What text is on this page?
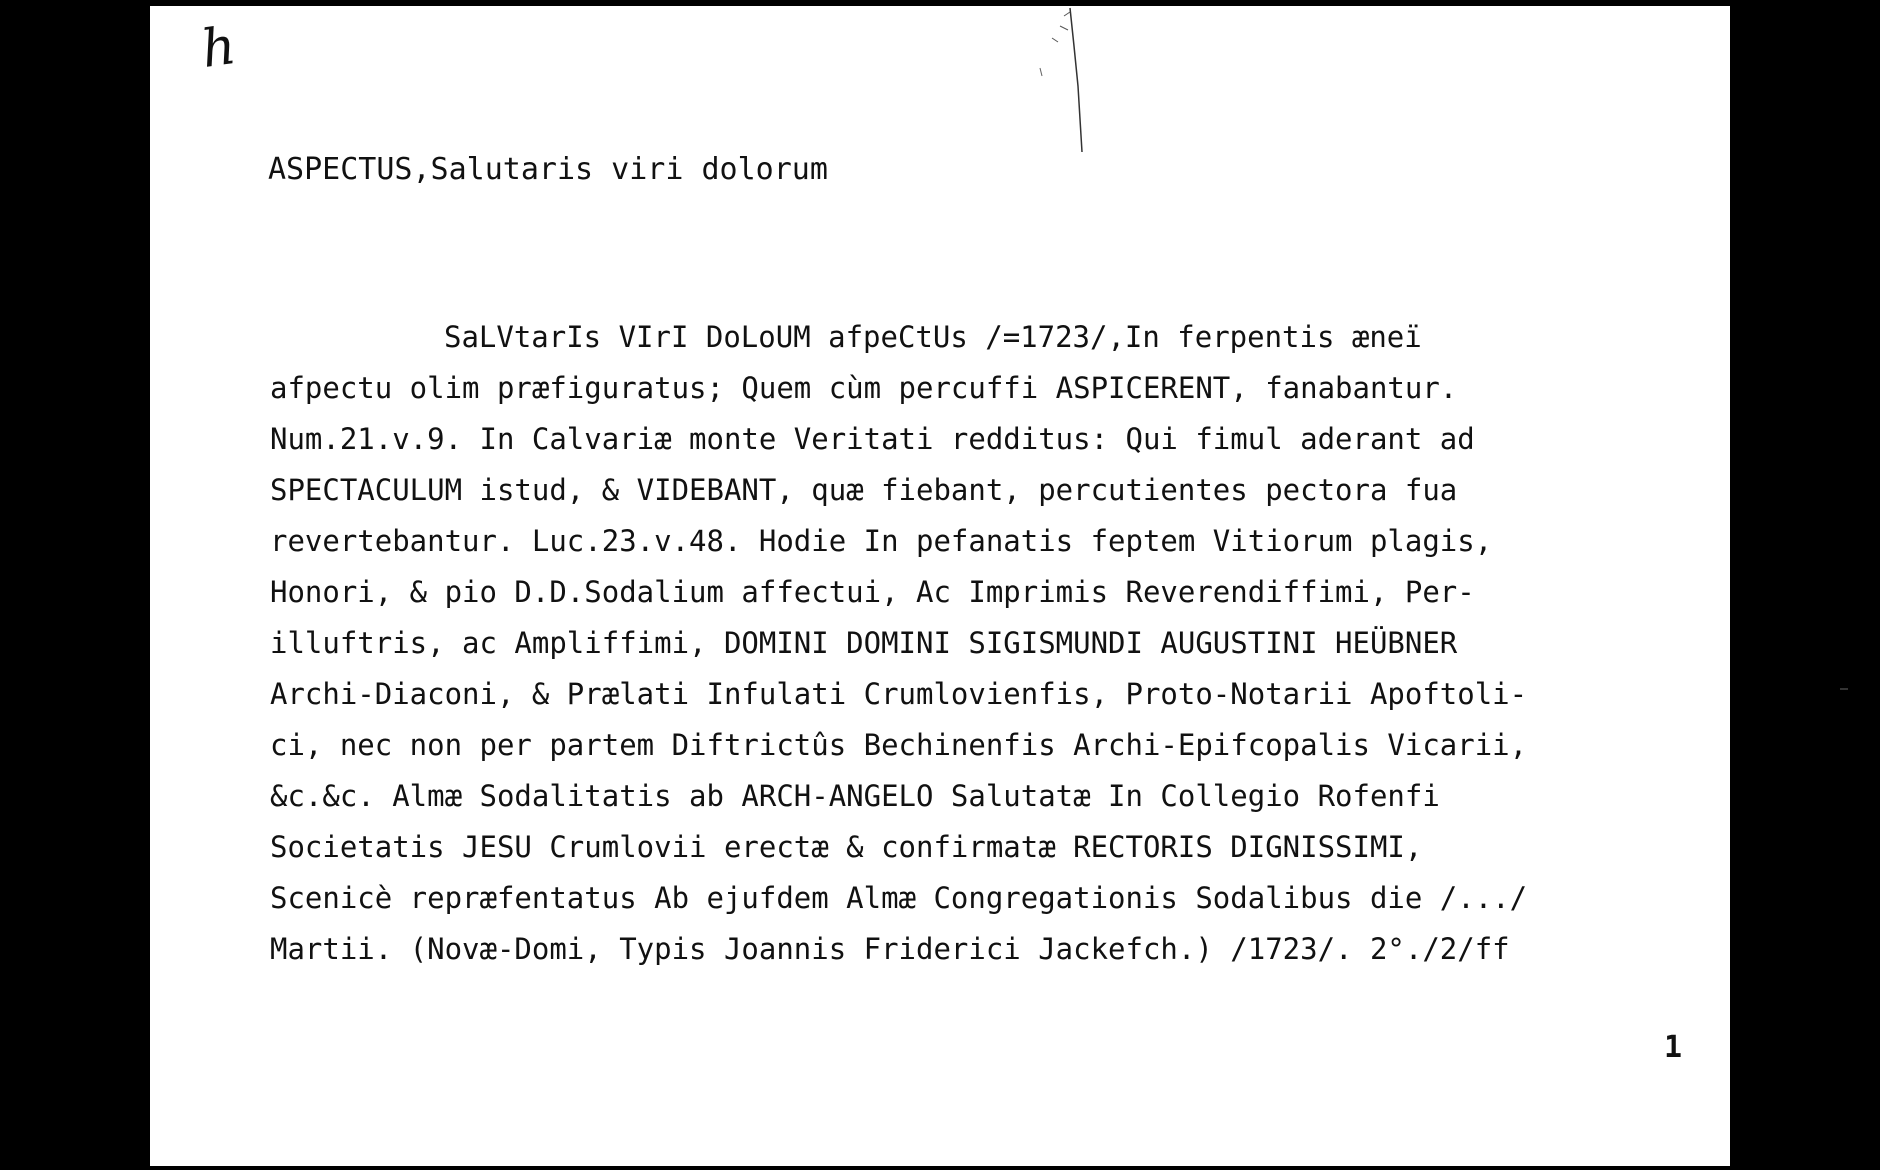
h
ASPECTUS,Salutaris viri dolorum
SaLVtarIs VIrI DoLoUM afpeCtUs /=1723/,In ferpentis æneï
afpectu olim præfiguratus; Quem cùm percuffi ASPICERENT, fanabantur.
Num.21.v.9. In Calvariæ monte Veritati redditus: Qui fimul aderant ad
SPECTACULUM istud, & VIDEBANT, quæ fiebant, percutientes pectora fua
revertebantur. Luc.23.v.48. Hodie In pefanatis feptem Vitiorum plagis,
Honori, & pio D.D.Sodalium affectui, Ac Imprimis Reverendiffimi, Per-
illuftris, ac Ampliffimi, DOMINI DOMINI SIGISMUNDI AUGUSTINI HEÜBNER
Archi-Diaconi, & Prælati Infulati Crumlovienfis, Proto-Notarii Apoftoli-
ci, nec non per partem Diftrictûs Bechinenfis Archi-Epifcopalis Vicarii,
&c.&c. Almæ Sodalitatis ab ARCH-ANGELO Salutatæ In Collegio Rofenfi
Societatis JESU Crumlovii erectæ & confirmatæ RECTORIS DIGNISSIMI,
Scenicè repræfentatus Ab ejufdem Almæ Congregationis Sodalibus die /.../
Martii. (Novæ-Domi, Typis Joannis Friderici Jackefch.) /1723/. 2°./2/ff
1
